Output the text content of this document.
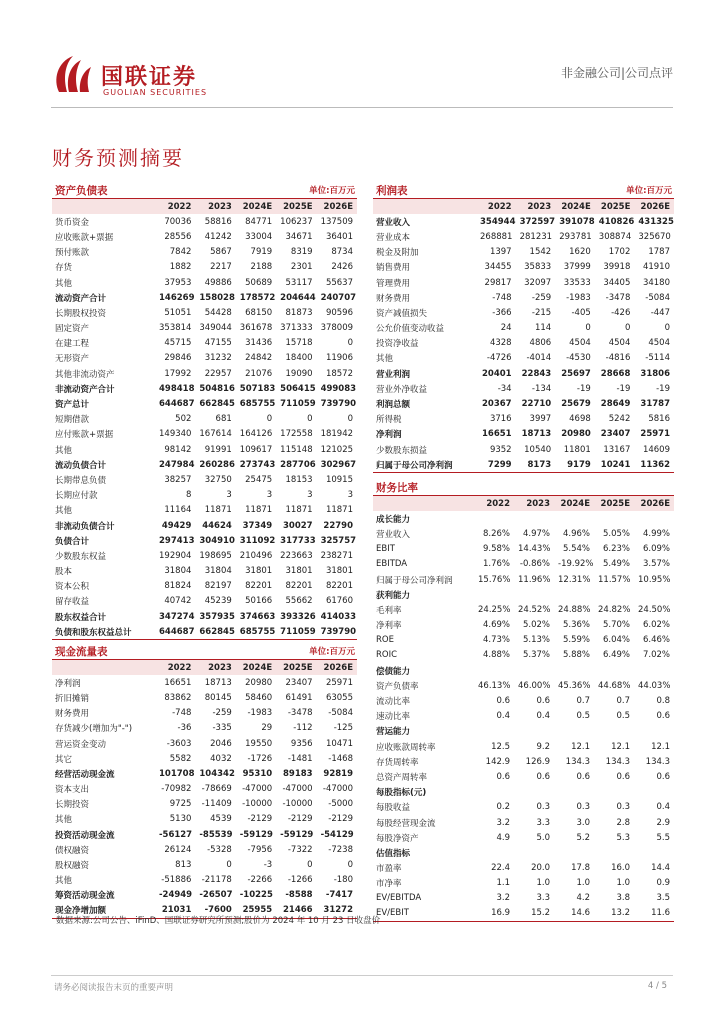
国联证券
GUOLIAN SECURITIES
非金融公司|公司点评
财务预测摘要
资产负债表	单位:百万元
	2022	2023	2024E	2025E	2026E
货币资金	70036	58816	84771	106237	137509
应收账款+票据	28556	41242	33004	34671	36401
预付账款	7842	5867	7919	8319	8734
存货	1882	2217	2188	2301	2426
其他	37953	49886	50689	53117	55637
流动资产合计	146269	158028	178572	204644	240707
长期股权投资	51051	54428	68150	81873	90596
固定资产	353814	349044	361678	371333	378009
在建工程	45715	47155	31436	15718	0
无形资产	29846	31232	24842	18400	11906
其他非流动资产	17992	22957	21076	19090	18572
非流动资产合计	498418	504816	507183	506415	499083
资产总计	644687	662845	685755	711059	739790
短期借款	502	681	0	0	0
应付账款+票据	149340	167614	164126	172558	181942
其他	98142	91991	109617	115148	121025
流动负债合计	247984	260286	273743	287706	302967
长期带息负债	38257	32750	25475	18153	10915
长期应付款	8	3	3	3	3
其他	11164	11871	11871	11871	11871
非流动负债合计	49429	44624	37349	30027	22790
负债合计	297413	304910	311092	317733	325757
少数股东权益	192904	198695	210496	223663	238271
股本	31804	31804	31801	31801	31801
资本公积	81824	82197	82201	82201	82201
留存收益	40742	45239	50166	55662	61760
股东权益合计	347274	357935	374663	393326	414033
负债和股东权益总计	644687	662845	685755	711059	739790
利润表	单位:百万元
	2022	2023	2024E	2025E	2026E
营业收入	354944	372597	391078	410826	431325
营业成本	268881	281231	293781	308874	325670
税金及附加	1397	1542	1620	1702	1787
销售费用	34455	35833	37999	39918	41910
管理费用	29817	32097	33533	34405	34180
财务费用	-748	-259	-1983	-3478	-5084
资产减值损失	-366	-215	-405	-426	-447
公允价值变动收益	24	114	0	0	0
投资净收益	4328	4806	4504	4504	4504
其他	-4726	-4014	-4530	-4816	-5114
营业利润	20401	22843	25697	28668	31806
营业外净收益	-34	-134	-19	-19	-19
利润总额	20367	22710	25679	28649	31787
所得税	3716	3997	4698	5242	5816
净利润	16651	18713	20980	23407	25971
少数股东损益	9352	10540	11801	13167	14609
归属于母公司净利润	7299	8173	9179	10241	11362
财务比率
	2022	2023	2024E	2025E	2026E
成长能力					
营业收入	8.26%	4.97%	4.96%	5.05%	4.99%
EBIT	9.58%	14.43%	5.54%	6.23%	6.09%
EBITDA	1.76%	-0.86%	-19.92%	5.49%	3.57%
归属于母公司净利润	15.76%	11.96%	12.31%	11.57%	10.95%
获利能力					
毛利率	24.25%	24.52%	24.88%	24.82%	24.50%
净利率	4.69%	5.02%	5.36%	5.70%	6.02%
ROE	4.73%	5.13%	5.59%	6.04%	6.46%
ROIC	4.88%	5.37%	5.88%	6.49%	7.02%
偿债能力					
资产负债率	46.13%	46.00%	45.36%	44.68%	44.03%
流动比率	0.6	0.6	0.7	0.7	0.8
速动比率	0.4	0.4	0.5	0.5	0.6
营运能力					
应收账款周转率	12.5	9.2	12.1	12.1	12.1
存货周转率	142.9	126.9	134.3	134.3	134.3
总资产周转率	0.6	0.6	0.6	0.6	0.6
每股指标(元)					
每股收益	0.2	0.3	0.3	0.3	0.4
每股经营现金流	3.2	3.3	3.0	2.8	2.9
每股净资产	4.9	5.0	5.2	5.3	5.5
估值指标					
市盈率	22.4	20.0	17.8	16.0	14.4
市净率	1.1	1.0	1.0	1.0	0.9
EV/EBITDA	3.2	3.3	4.2	3.8	3.5
EV/EBIT	16.9	15.2	14.6	13.2	11.6
现金流量表	单位:百万元
	2022	2023	2024E	2025E	2026E
净利润	16651	18713	20980	23407	25971
折旧摊销	83862	80145	58460	61491	63055
财务费用	-748	-259	-1983	-3478	-5084
存货减少(增加为"-")	-36	-335	29	-112	-125
营运资金变动	-3603	2046	19550	9356	10471
其它	5582	4032	-1726	-1481	-1468
经营活动现金流	101708	104342	95310	89183	92819
资本支出	-70982	-78669	-47000	-47000	-47000
长期投资	9725	-11409	-10000	-10000	-5000
其他	5130	4539	-2129	-2129	-2129
投资活动现金流	-56127	-85539	-59129	-59129	-54129
债权融资	26124	-5328	-7956	-7322	-7238
股权融资	813	0	-3	0	0
其他	-51886	-21178	-2266	-1266	-180
筹资活动现金流	-24949	-26507	-10225	-8588	-7417
现金净增加额	21031	-7600	25955	21466	31272
数据来源:公司公告、iFinD、国联证券研究所预测;股价为 2024 年 10 月 23 日收盘价
请务必阅读报告末页的重要声明	4 / 5
